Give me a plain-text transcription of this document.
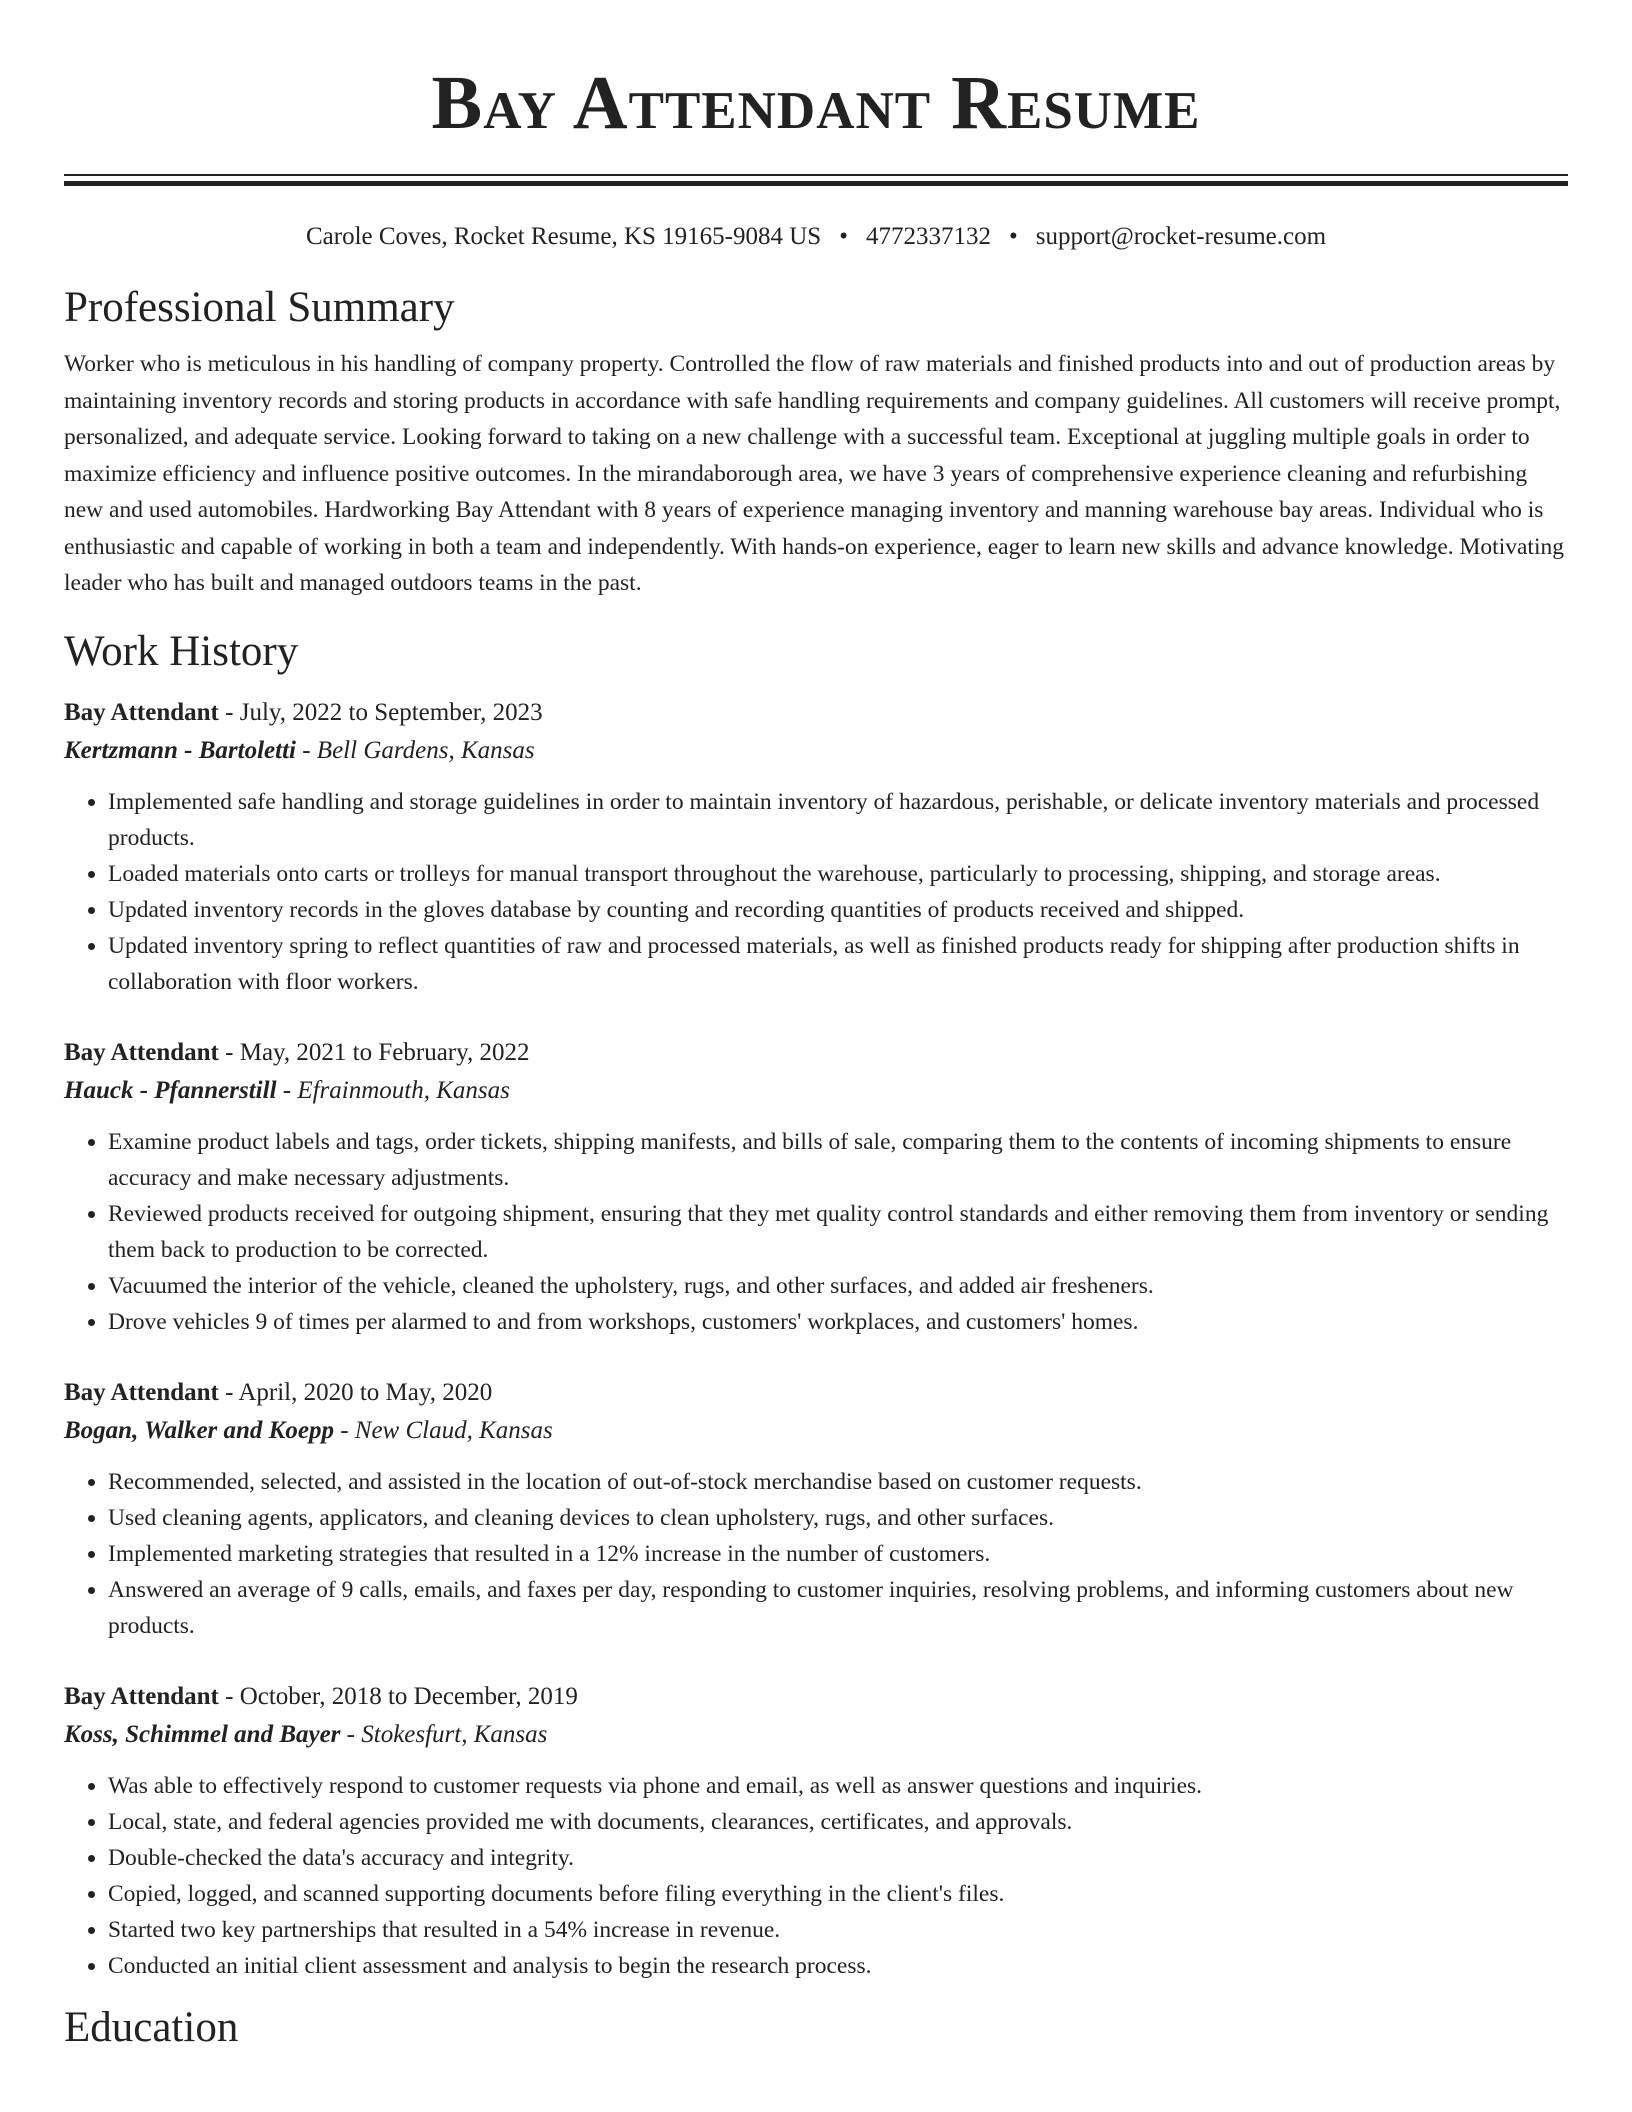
Bay Attendant Resume
Carole Coves, Rocket Resume, KS 19165-9084 US • 4772337132 • support@rocket-resume.com
Professional Summary
Worker who is meticulous in his handling of company property. Controlled the flow of raw materials and finished products into and out of production areas by maintaining inventory records and storing products in accordance with safe handling requirements and company guidelines. All customers will receive prompt, personalized, and adequate service. Looking forward to taking on a new challenge with a successful team. Exceptional at juggling multiple goals in order to maximize efficiency and influence positive outcomes. In the mirandaborough area, we have 3 years of comprehensive experience cleaning and refurbishing new and used automobiles. Hardworking Bay Attendant with 8 years of experience managing inventory and manning warehouse bay areas. Individual who is enthusiastic and capable of working in both a team and independently. With hands-on experience, eager to learn new skills and advance knowledge. Motivating leader who has built and managed outdoors teams in the past.
Work History
Bay Attendant - July, 2022 to September, 2023
Kertzmann - Bartoletti - Bell Gardens, Kansas
• Implemented safe handling and storage guidelines in order to maintain inventory of hazardous, perishable, or delicate inventory materials and processed products.
• Loaded materials onto carts or trolleys for manual transport throughout the warehouse, particularly to processing, shipping, and storage areas.
• Updated inventory records in the gloves database by counting and recording quantities of products received and shipped.
• Updated inventory spring to reflect quantities of raw and processed materials, as well as finished products ready for shipping after production shifts in collaboration with floor workers.
Bay Attendant - May, 2021 to February, 2022
Hauck - Pfannerstill - Efrainmouth, Kansas
• Examine product labels and tags, order tickets, shipping manifests, and bills of sale, comparing them to the contents of incoming shipments to ensure accuracy and make necessary adjustments.
• Reviewed products received for outgoing shipment, ensuring that they met quality control standards and either removing them from inventory or sending them back to production to be corrected.
• Vacuumed the interior of the vehicle, cleaned the upholstery, rugs, and other surfaces, and added air fresheners.
• Drove vehicles 9 of times per alarmed to and from workshops, customers' workplaces, and customers' homes.
Bay Attendant - April, 2020 to May, 2020
Bogan, Walker and Koepp - New Claud, Kansas
• Recommended, selected, and assisted in the location of out-of-stock merchandise based on customer requests.
• Used cleaning agents, applicators, and cleaning devices to clean upholstery, rugs, and other surfaces.
• Implemented marketing strategies that resulted in a 12% increase in the number of customers.
• Answered an average of 9 calls, emails, and faxes per day, responding to customer inquiries, resolving problems, and informing customers about new products.
Bay Attendant - October, 2018 to December, 2019
Koss, Schimmel and Bayer - Stokesfurt, Kansas
• Was able to effectively respond to customer requests via phone and email, as well as answer questions and inquiries.
• Local, state, and federal agencies provided me with documents, clearances, certificates, and approvals.
• Double-checked the data's accuracy and integrity.
• Copied, logged, and scanned supporting documents before filing everything in the client's files.
• Started two key partnerships that resulted in a 54% increase in revenue.
• Conducted an initial client assessment and analysis to begin the research process.
Education
